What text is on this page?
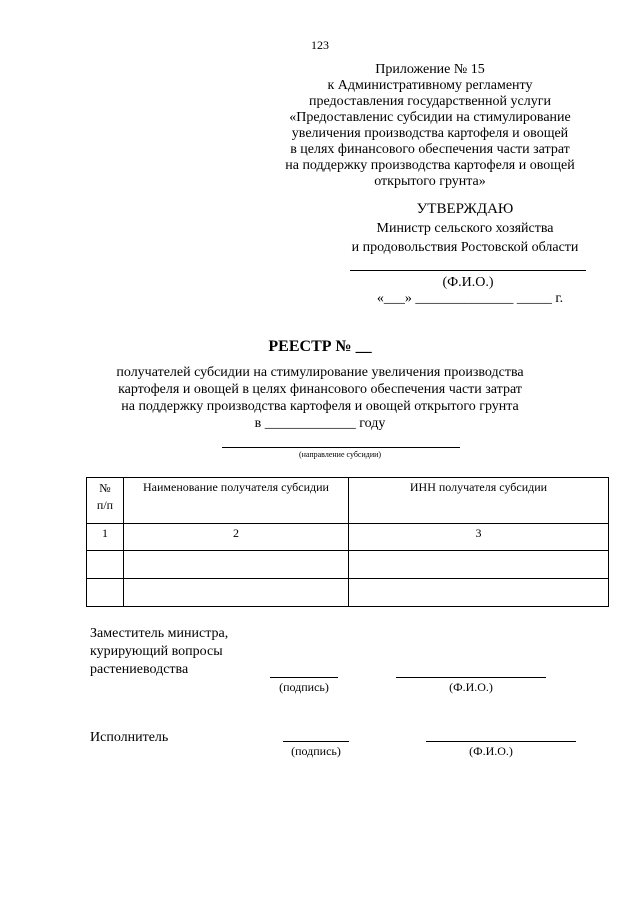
123
Приложение № 15
к Административному регламенту
предоставления государственной услуги
«Предоставленис субсидии на стимулирование
увеличения производства картофеля и овощей
в целях финансового обеспечения части затрат
на поддержку производства картофеля и овощей
открытого грунта»
УТВЕРЖДАЮ
Министр сельского хозяйства
и продовольствия Ростовской области
(Ф.И.О.)
«___» ______________ _____ г.
РЕЕСТР № __
получателей субсидии на стимулирование увеличения производства
картофеля и овощей в целях финансового обеспечения части затрат
на поддержку производства картофеля и овощей открытого грунта
в _____________ году
(направление субсидии)
№ п/п	Наименование получателя субсидии	ИНН получателя субсидии
1	2	3

Заместитель министра,
курирующий вопросы
растениеводства
(подпись)	(Ф.И.О.)
Исполнитель
(подпись)	(Ф.И.О.)
